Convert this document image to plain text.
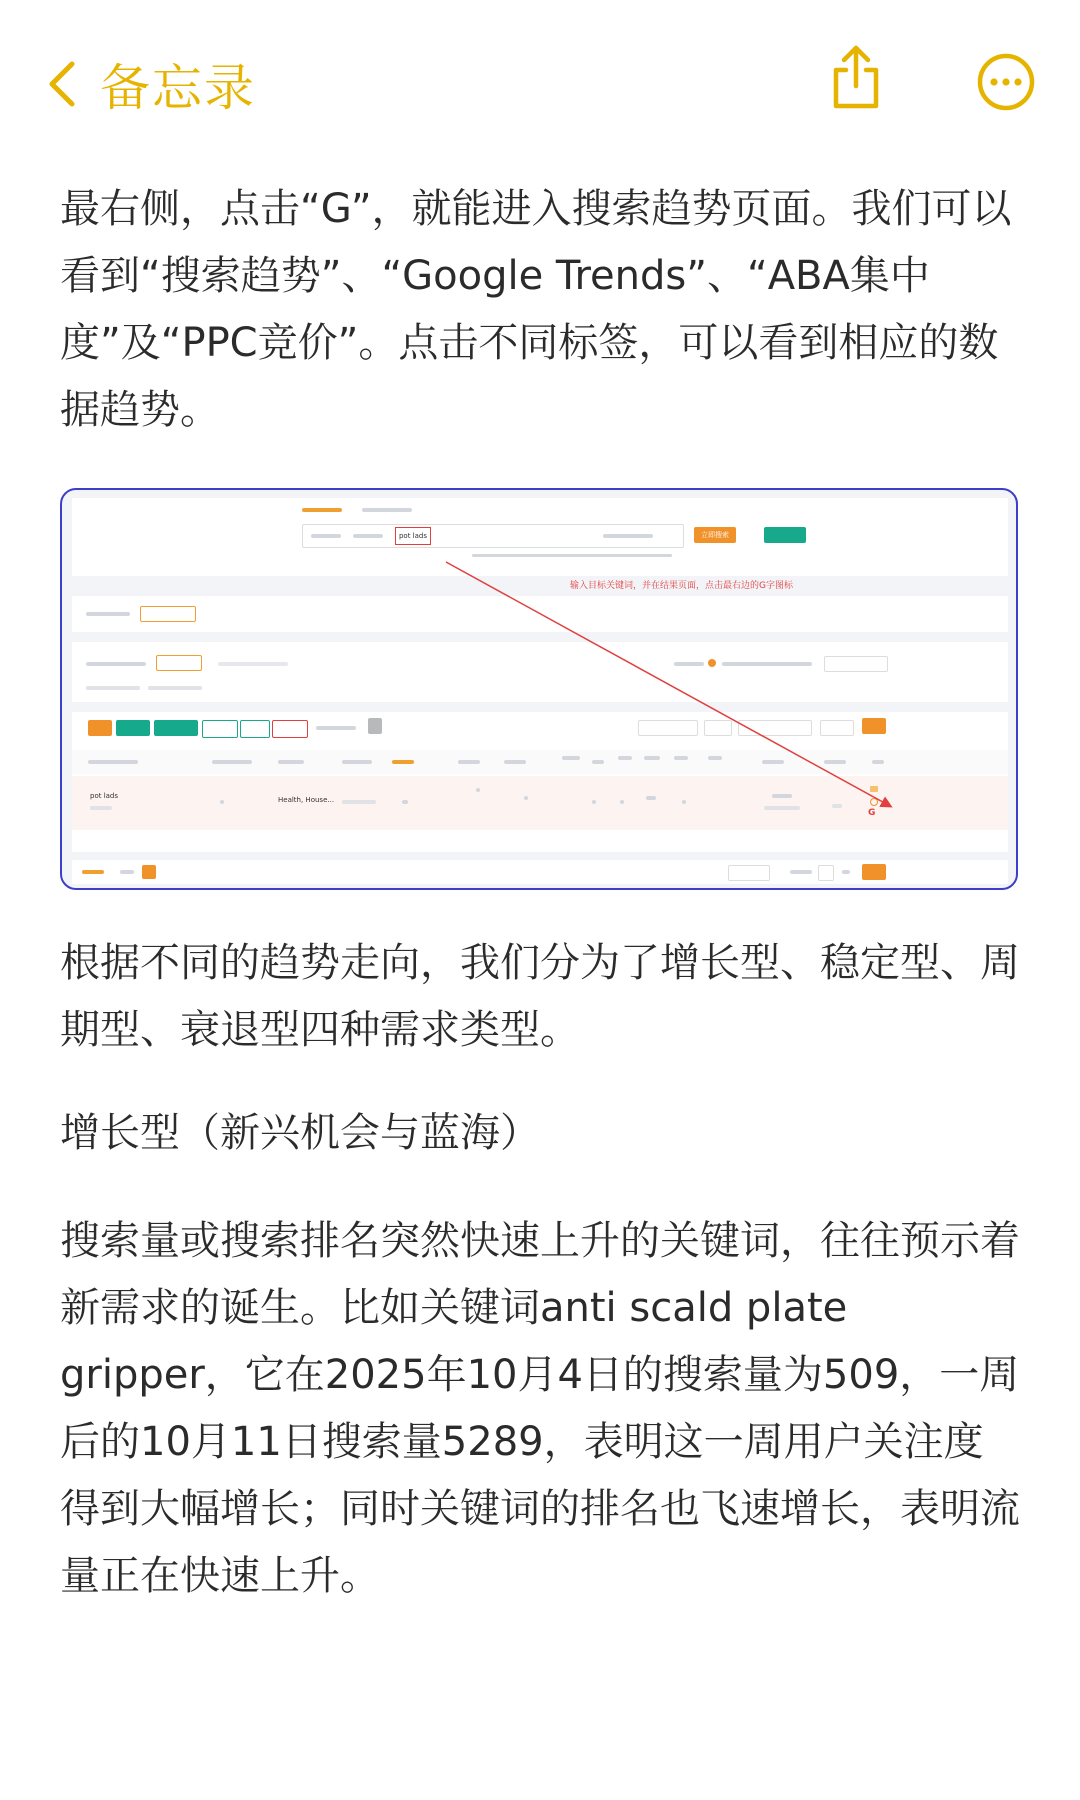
备忘录

最右侧，点击“G”，就能进入搜索趋势页面。我们可以看到“搜索趋势”、“Google Trends”、“ABA集中度”及“PPC竞价”。点击不同标签，可以看到相应的数据趋势。

pot lads	立即搜索
输入目标关键词，并在结果页面，点击最右边的G字图标
pot lads	Health, House...
G

根据不同的趋势走向，我们分为了增长型、稳定型、周期型、衰退型四种需求类型。

增长型（新兴机会与蓝海）

搜索量或搜索排名突然快速上升的关键词，往往预示着新需求的诞生。比如关键词anti scald plate gripper，它在2025年10月4日的搜索量为509，一周后的10月11日搜索量5289，表明这一周用户关注度得到大幅增长；同时关键词的排名也飞速增长，表明流量正在快速上升。
